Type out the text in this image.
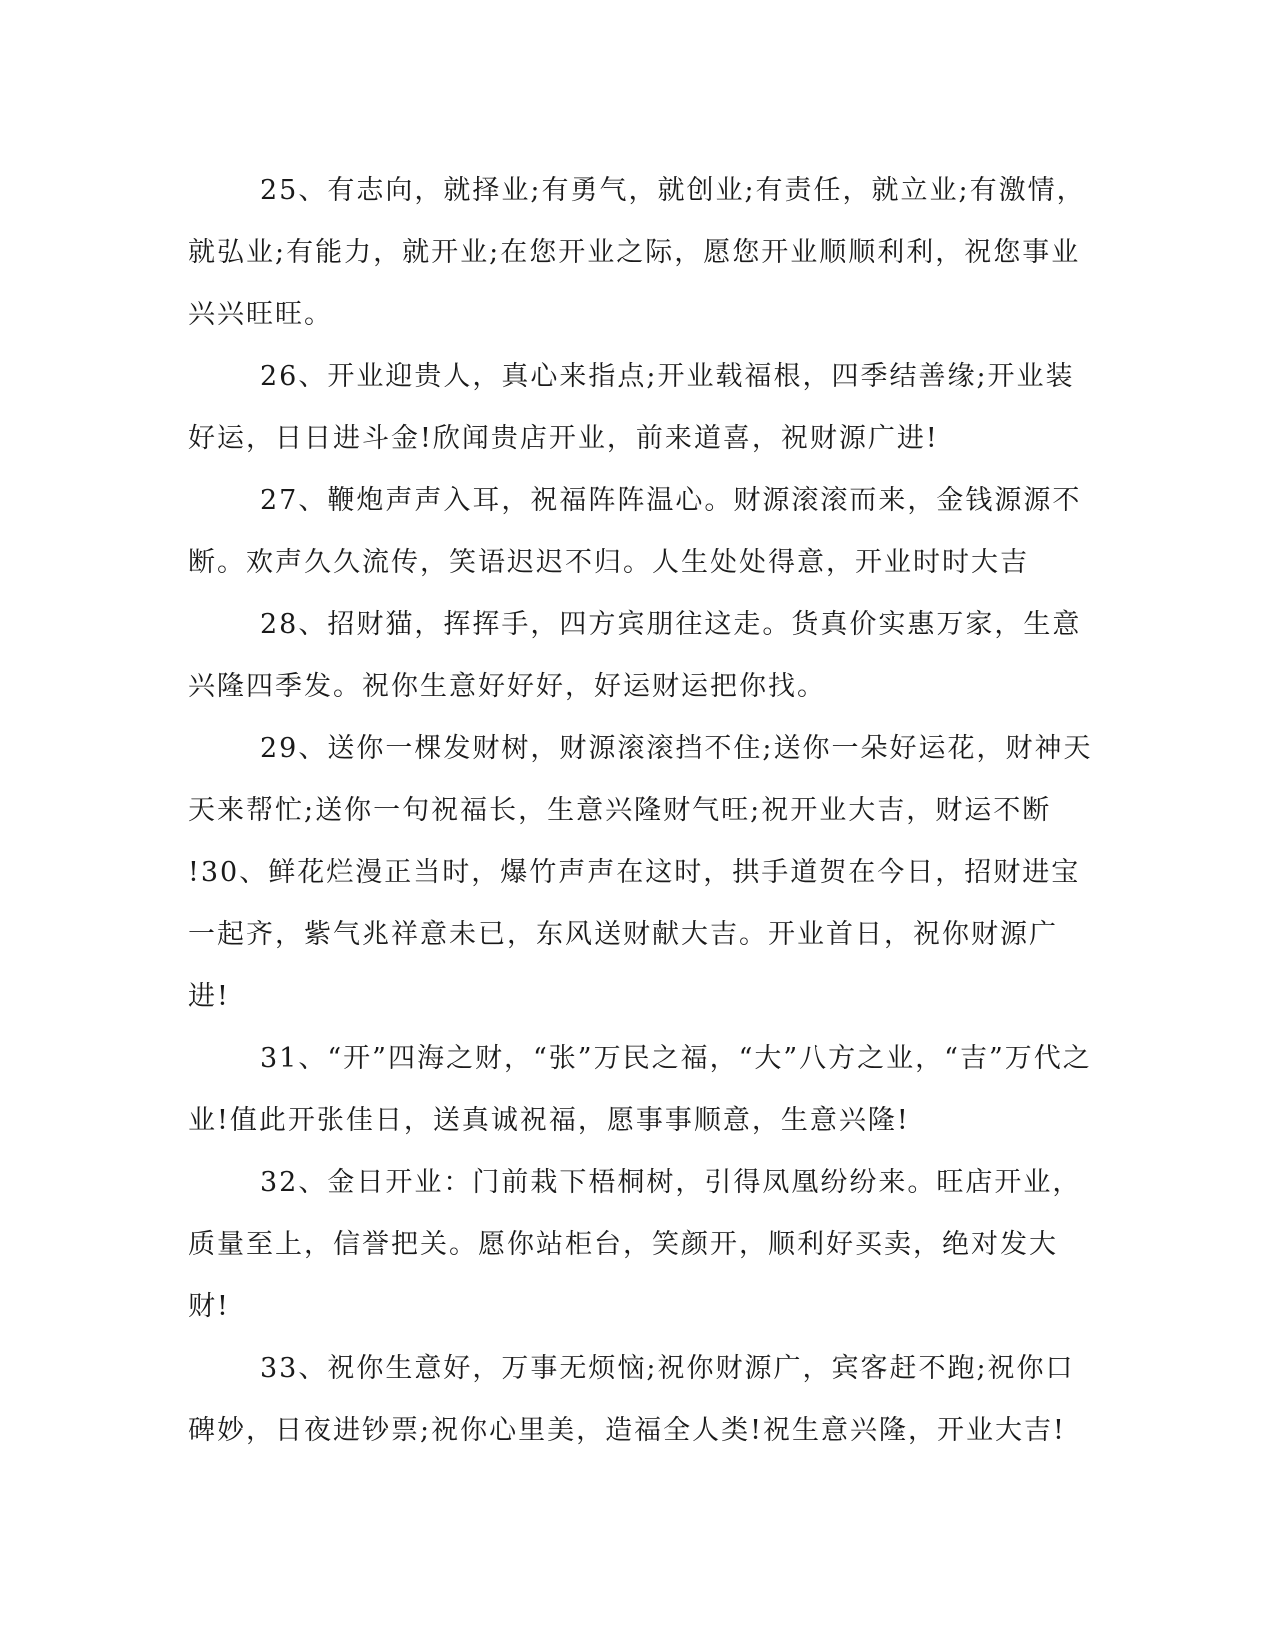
25、有志向，就择业;有勇气，就创业;有责任，就立业;有激情，
就弘业;有能力，就开业;在您开业之际，愿您开业顺顺利利，祝您事业
兴兴旺旺。
26、开业迎贵人，真心来指点;开业载福根，四季结善缘;开业装
好运，日日进斗金!欣闻贵店开业，前来道喜，祝财源广进!
27、鞭炮声声入耳，祝福阵阵温心。财源滚滚而来，金钱源源不
断。欢声久久流传，笑语迟迟不归。人生处处得意，开业时时大吉
28、招财猫，挥挥手，四方宾朋往这走。货真价实惠万家，生意
兴隆四季发。祝你生意好好好，好运财运把你找。
29、送你一棵发财树，财源滚滚挡不住;送你一朵好运花，财神天
天来帮忙;送你一句祝福长，生意兴隆财气旺;祝开业大吉，财运不断
!30、鲜花烂漫正当时，爆竹声声在这时，拱手道贺在今日，招财进宝
一起齐，紫气兆祥意未已，东风送财献大吉。开业首日，祝你财源广
进!
31、“开”四海之财，“张”万民之福，“大”八方之业，“吉”万代之
业!值此开张佳日，送真诚祝福，愿事事顺意，生意兴隆!
32、金日开业：门前栽下梧桐树，引得凤凰纷纷来。旺店开业，
质量至上，信誉把关。愿你站柜台，笑颜开，顺利好买卖，绝对发大
财!
33、祝你生意好，万事无烦恼;祝你财源广，宾客赶不跑;祝你口
碑妙，日夜进钞票;祝你心里美，造福全人类!祝生意兴隆，开业大吉!
